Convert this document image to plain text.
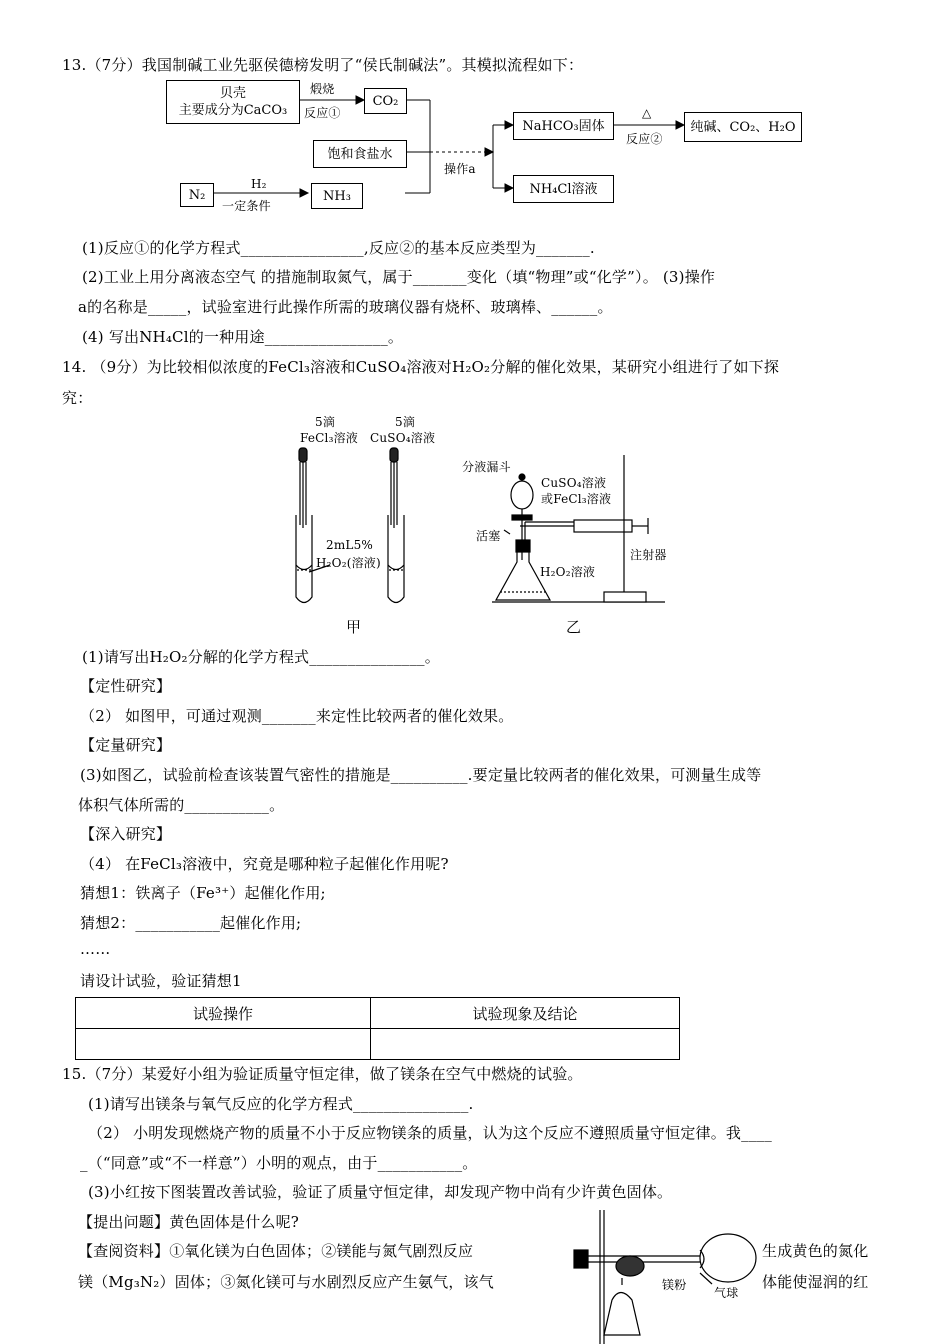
13.（7分）我国制碱工业先驱侯德榜发明了“侯氏制碱法”。其模拟流程如下：
贝壳
主要成分为CaCO₃
煅烧
反应①
CO₂
饱和食盐水
操作a
NaHCO₃固体
△
反应②
纯碱、CO₂、H₂O
NH₄Cl溶液
N₂
H₂
一定条件
NH₃
(1)反应①的化学方程式________________,反应②的基本反应类型为_______.
(2)工业上用分离液态空气 的措施制取氮气，属于_______变化（填“物理”或“化学”）。 (3)操作
a的名称是_____，试验室进行此操作所需的玻璃仪器有烧杯、玻璃棒、______。
(4) 写出NH₄Cl的一种用途________________。
14. （9分）为比较相似浓度的FeCl₃溶液和CuSO₄溶液对H₂O₂分解的催化效果，某研究小组进行了如下探
究：
5滴
FeCl₃溶液
5滴
CuSO₄溶液
2mL5%
H₂O₂(溶液)
甲
分液漏斗
CuSO₄溶液
或FeCl₃溶液
活塞
注射器
H₂O₂溶液
乙
(1)请写出H₂O₂分解的化学方程式_______________。
【定性研究】
（2） 如图甲，可通过观测_______来定性比较两者的催化效果。
【定量研究】
(3)如图乙，试验前检查该装置气密性的措施是__________.要定量比较两者的催化效果，可测量生成等
体积气体所需的___________。
【深入研究】
（4） 在FeCl₃溶液中，究竟是哪种粒子起催化作用呢?
猜想1：铁离子（Fe³⁺）起催化作用;
猜想2：___________起催化作用;
……
请设计试验，验证猜想1
试验操作	试验现象及结论

15.（7分）某爱好小组为验证质量守恒定律，做了镁条在空气中燃烧的试验。
(1)请写出镁条与氧气反应的化学方程式_______________.
（2） 小明发现燃烧产物的质量不小于反应物镁条的质量，认为这个反应不遵照质量守恒定律。我____
_（“同意”或“不一样意”）小明的观点，由于___________。
(3)小红按下图装置改善试验，验证了质量守恒定律，却发现产物中尚有少许黄色固体。
【提出问题】黄色固体是什么呢?
【查阅资料】①氧化镁为白色固体；②镁能与氮气剧烈反应	生成黄色的氮化
镁（Mg₃N₂）固体；③氮化镁可与水剧烈反应产生氨气，该气	体能使湿润的红
镁粉
气球
